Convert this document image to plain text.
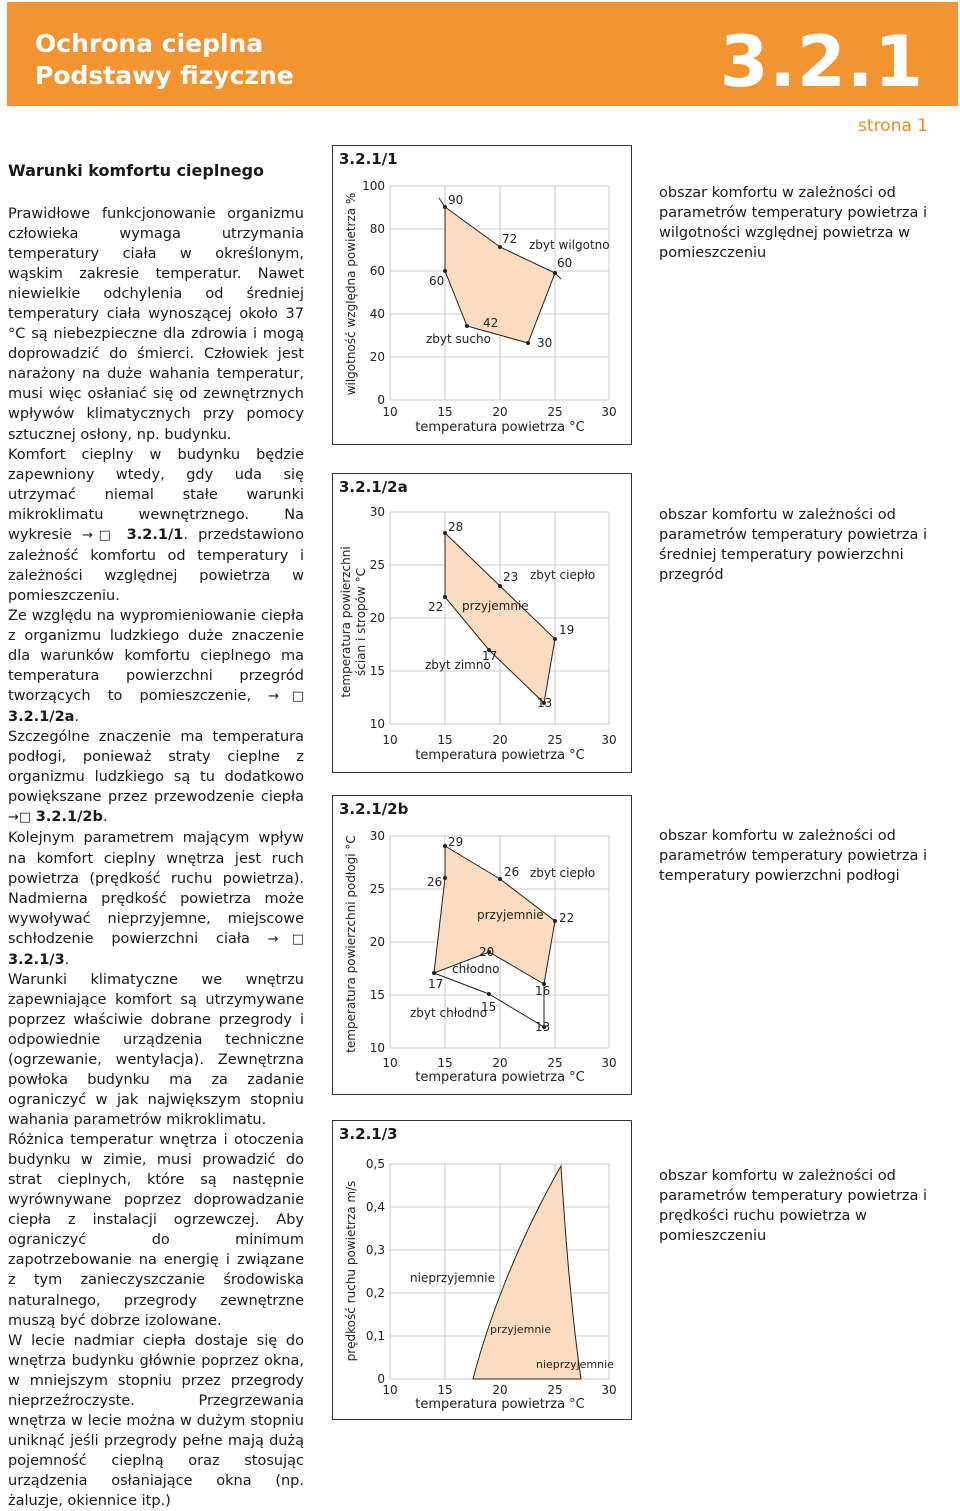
Ochrona cieplna
Podstawy fizyczne	3.2.1
strona 1
Warunki komfortu cieplnego

Prawidłowe funkcjonowanie organizmu człowieka wymaga utrzymania temperatury ciała w określonym, wąskim zakresie temperatur. Nawet niewielkie odchylenia od średniej temperatury ciała wynoszącej około 37 °C są niebezpieczne dla zdrowia i mogą doprowadzić do śmierci. Człowiek jest narażony na duże wahania temperatur, musi więc osłaniać się od zewnętrznych wpływów klimatycznych przy pomocy sztucznej osłony, np. budynku.

Komfort cieplny w budynku będzie zapewniony wtedy, gdy uda się utrzymać niemal stałe warunki mikroklimatu wewnętrznego. Na wykresie →□ 3.2.1/1. przedstawiono zależność komfortu od temperatury i zależności względnej powietrza w pomieszczeniu.

Ze względu na wypromieniowanie ciepła z organizmu ludzkiego duże znaczenie dla warunków komfortu cieplnego ma temperatura powierzchni przegród tworzących to pomieszczenie, →□ 3.2.1/2a.

Szczególne znaczenie ma temperatura podłogi, ponieważ straty cieplne z organizmu ludzkiego są tu dodatkowo powiększane przez przewodzenie ciepła →□ 3.2.1/2b.

Kolejnym parametrem mającym wpływ na komfort cieplny wnętrza jest ruch powietrza (prędkość ruchu powietrza). Nadmierna prędkość powietrza może wywoływać nieprzyjemne, miejscowe schłodzenie powierzchni ciała →□ 3.2.1/3.

Warunki klimatyczne we wnętrzu zapewniające komfort są utrzymywane poprzez właściwie dobrane przegrody i odpowiednie urządzenia techniczne (ogrzewanie, wentylacja). Zewnętrzna powłoka budynku ma za zadanie ograniczyć w jak największym stopniu wahania parametrów mikroklimatu.

Różnica temperatur wnętrza i otoczenia budynku w zimie, musi prowadzić do strat cieplnych, które są następnie wyrównywane poprzez doprowadzanie ciepła z instalacji ogrzewczej. Aby ograniczyć do minimum zapotrzebowanie na energię i związane z tym zanieczyszczanie środowiska naturalnego, przegrody zewnętrzne muszą być dobrze izolowane.

W lecie nadmiar ciepła dostaje się do wnętrza budynku głównie poprzez okna, w mniejszym stopniu przez przegrody nieprzeźroczyste. Przegrzewania wnętrza w lecie można w dużym stopniu uniknąć jeśli przegrody pełne mają dużą pojemność cieplną oraz stosując urządzenia osłaniające okna (np. żaluzje, okiennice itp.)

100
80
60
40
20
0
10	15	20	25	30
temperatura powietrza °C
wilgotność względna powietrza %	90
72
60
60
42
30
zbyt wilgotno
zbyt sucho
3.2.1/1
obszar komfortu w zależności od parametrów temperatury powietrza i wilgotności względnej powietrza w pomieszczeniu
30
25
20
15
10
10	15	20	25	30
temperatura powietrza °C
temperatura powierzchni ścian i stropów °C
28
23
22
19
17
13
zbyt ciepło
przyjemnie
zbyt zimno
3.2.1/2a
obszar komfortu w zależności od parametrów temperatury powietrza i średniej temperatury powierzchni przegród
30
25
20
15
10
10	15	20	25	30
temperatura powietrza °C
temperatura powierzchni podłogi °C	29
26
26
22
20
17	16
15
13
zbyt ciepło
przyjemnie
chłodno
zbyt chłodno
3.2.1/2b
obszar komfortu w zależności od parametrów temperatury powietrza i temperatury powierzchni podłogi
0,5
0,4
0,3
0,2
0,1
0
10	15	20	25	30
temperatura powietrza °C
prędkość ruchu powietrza m/s	nieprzyjemnie
przyjemnie
nieprzyjemnie
3.2.1/3
obszar komfortu w zależności od parametrów temperatury powietrza i prędkości ruchu powietrza w pomieszczeniu
